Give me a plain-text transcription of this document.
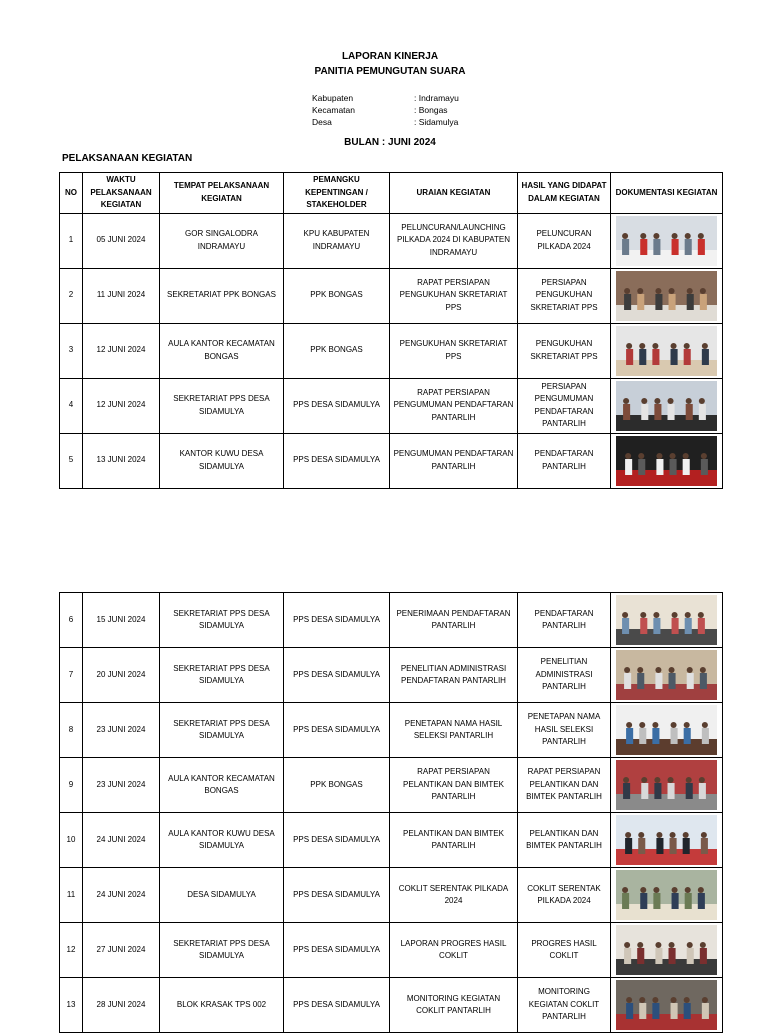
LAPORAN KINERJA
PANITIA PEMUNGUTAN SUARA
Kabupaten	: Indramayu
Kecamatan	: Bongas
Desa	: Sidamulya
BULAN : JUNI 2024
PELAKSANAAN KEGIATAN
NO	WAKTU PELAKSANAAN KEGIATAN	TEMPAT PELAKSANAAN KEGIATAN	PEMANGKU KEPENTINGAN / STAKEHOLDER	URAIAN KEGIATAN	HASIL YANG DIDAPAT DALAM KEGIATAN	DOKUMENTASI KEGIATAN
1	05 JUNI 2024	GOR SINGALODRA INDRAMAYU	KPU KABUPATEN INDRAMAYU	PELUNCURAN/LAUNCHING PILKADA 2024 DI KABUPATEN INDRAMAYU	PELUNCURAN PILKADA 2024	

2	11 JUNI 2024	SEKRETARIAT PPK BONGAS	PPK BONGAS	RAPAT PERSIAPAN PENGUKUHAN SKRETARIAT PPS	PERSIAPAN PENGUKUHAN SKRETARIAT PPS	

3	12 JUNI 2024	AULA KANTOR KECAMATAN BONGAS	PPK BONGAS	PENGUKUHAN SKRETARIAT PPS	PENGUKUHAN SKRETARIAT PPS	

4	12 JUNI 2024	SEKRETARIAT PPS DESA SIDAMULYA	PPS DESA SIDAMULYA	RAPAT PERSIAPAN PENGUMUMAN PENDAFTARAN PANTARLIH	PERSIAPAN PENGUMUMAN PENDAFTARAN PANTARLIH	

5	13 JUNI 2024	KANTOR KUWU DESA SIDAMULYA	PPS DESA SIDAMULYA	PENGUMUMAN PENDAFTARAN PANTARLIH	PENDAFTARAN PANTARLIH	
6	15 JUNI 2024	SEKRETARIAT PPS DESA SIDAMULYA	PPS DESA SIDAMULYA	PENERIMAAN PENDAFTARAN PANTARLIH	PENDAFTARAN PANTARLIH	

7	20 JUNI 2024	SEKRETARIAT PPS DESA SIDAMULYA	PPS DESA SIDAMULYA	PENELITIAN ADMINISTRASI PENDAFTARAN PANTARLIH	PENELITIAN ADMINISTRASI PANTARLIH	

8	23 JUNI 2024	SEKRETARIAT PPS DESA SIDAMULYA	PPS DESA SIDAMULYA	PENETAPAN NAMA HASIL SELEKSI PANTARLIH	PENETAPAN NAMA HASIL SELEKSI PANTARLIH	

9	23 JUNI 2024	AULA KANTOR KECAMATAN BONGAS	PPK BONGAS	RAPAT PERSIAPAN PELANTIKAN DAN BIMTEK PANTARLIH	RAPAT PERSIAPAN PELANTIKAN DAN BIMTEK PANTARLIH	

10	24 JUNI 2024	AULA KANTOR KUWU DESA SIDAMULYA	PPS DESA SIDAMULYA	PELANTIKAN DAN BIMTEK PANTARLIH	PELANTIKAN DAN BIMTEK PANTARLIH	

11	24 JUNI 2024	DESA SIDAMULYA	PPS DESA SIDAMULYA	COKLIT SERENTAK PILKADA 2024	COKLIT SERENTAK PILKADA 2024	

12	27 JUNI 2024	SEKRETARIAT PPS DESA SIDAMULYA	PPS DESA SIDAMULYA	LAPORAN PROGRES HASIL COKLIT	PROGRES HASIL COKLIT	

13	28 JUNI 2024	BLOK KRASAK TPS 002	PPS DESA SIDAMULYA	MONITORING KEGIATAN COKLIT PANTARLIH	MONITORING KEGIATAN COKLIT PANTARLIH	
